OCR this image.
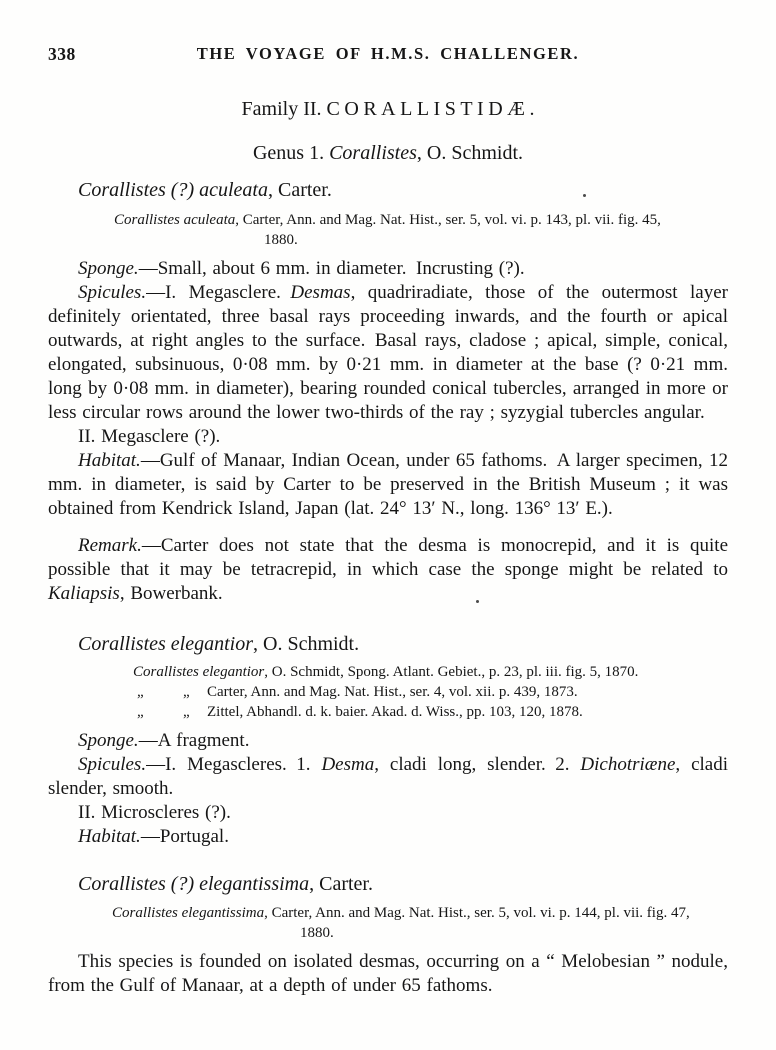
338	THE VOYAGE OF H.M.S. CHALLENGER.
Family II. CORALLISTIDÆ.
Genus 1. Corallistes, O. Schmidt.
Corallistes (?) aculeata, Carter.
Corallistes aculeata, Carter, Ann. and Mag. Nat. Hist., ser. 5, vol. vi. p. 143, pl. vii. fig. 45,
1880.

Sponge.—Small, about 6 mm. in diameter. Incrusting (?).

Spicules.—I. Megasclere. Desmas, quadriradiate, those of the outermost layer definitely orientated, three basal rays proceeding inwards, and the fourth or apical outwards, at right angles to the surface. Basal rays, cladose ; apical, simple, conical, elongated, subsinuous, 0·08 mm. by 0·21 mm. in diameter at the base (? 0·21 mm. long by 0·08 mm. in diameter), bearing rounded conical tubercles, arranged in more or less circular rows around the lower two-thirds of the ray ; syzygial tubercles angular.

II. Megasclere (?).

Habitat.—Gulf of Manaar, Indian Ocean, under 65 fathoms. A larger specimen, 12 mm. in diameter, is said by Carter to be preserved in the British Museum ; it was obtained from Kendrick Island, Japan (lat. 24° 13′ N., long. 136° 13′ E.).

Remark.—Carter does not state that the desma is monocrepid, and it is quite possible that it may be tetracrepid, in which case the sponge might be related to Kaliapsis, Bowerbank.

Corallistes elegantior, O. Schmidt.
Corallistes elegantior, O. Schmidt, Spong. Atlant. Gebiet., p. 23, pl. iii. fig. 5, 1870.
„	„ Carter, Ann. and Mag. Nat. Hist., ser. 4, vol. xii. p. 439, 1873.
„	„ Zittel, Abhandl. d. k. baier. Akad. d. Wiss., pp. 103, 120, 1878.

Sponge.—A fragment.

Spicules.—I. Megascleres. 1. Desma, cladi long, slender. 2. Dichotriæne, cladi slender, smooth.

II. Microscleres (?).

Habitat.—Portugal.

Corallistes (?) elegantissima, Carter.
Corallistes elegantissima, Carter, Ann. and Mag. Nat. Hist., ser. 5, vol. vi. p. 144, pl. vii. fig. 47,
1880.

This species is founded on isolated desmas, occurring on a “ Melobesian ” nodule, from the Gulf of Manaar, at a depth of under 65 fathoms.
